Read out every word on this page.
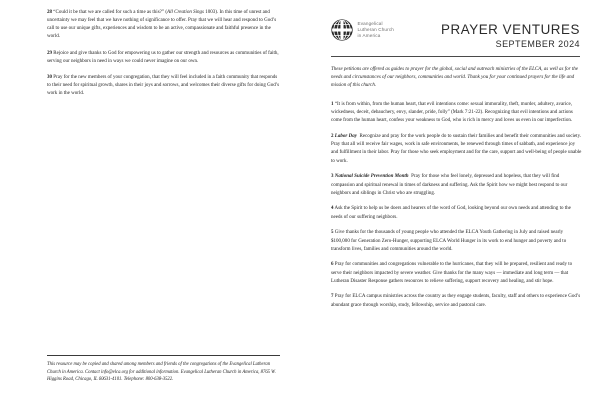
28 “Could it be that we are called for such a time as this?” (All Creation Sings 1003). In this time of unrest and uncertainty we may feel that we have nothing of significance to offer. Pray that we will hear and respond to God’s call to use our unique gifts, experiences and wisdom to be an active, compassionate and faithful presence in the world.
29 Rejoice and give thanks to God for empowering us to gather our strength and resources as communities of faith, serving our neighbors in need in ways we could never imagine on our own.
30 Pray for the new members of your congregation, that they will feel included in a faith community that responds to their need for spiritual growth, shares in their joys and sorrows, and welcomes their diverse gifts for doing God’s work in the world.
This resource may be copied and shared among members and friends of the congregations of the Evangelical Lutheran Church in America. Contact info@elca.org for additional information. Evangelical Lutheran Church in America, 8765 W. Higgins Road, Chicago, IL 60631-4101. Telephone: 800-638-3522.
Evangelical
Lutheran Church
in America	PRAYER VENTURES
SEPTEMBER 2024
These petitions are offered as guides to prayer for the global, social and outreach ministries of the ELCA, as well as for the needs and circumstances of our neighbors, communities and world. Thank you for your continued prayers for the life and mission of this church.
1 “It is from within, from the human heart, that evil intentions come: sexual immorality, theft, murder, adultery, avarice, wickedness, deceit, debauchery, envy, slander, pride, folly” (Mark 7:21-22). Recognizing that evil intentions and actions come from the human heart, confess your weakness to God, who is rich in mercy and loves us even in our imperfection.
2 Labor Day Recognize and pray for the work people do to sustain their families and benefit their communities and society. Pray that all will receive fair wages, work in safe environments, be renewed through times of sabbath, and experience joy and fulfillment in their labor. Pray for those who seek employment and for the care, support and well-being of people unable to work.
3 National Suicide Prevention Month Pray for those who feel lonely, depressed and hopeless, that they will find compassion and spiritual renewal in times of darkness and suffering. Ask the Spirit how we might best respond to our neighbors and siblings in Christ who are struggling.
4 Ask the Spirit to help us be doers and hearers of the word of God, looking beyond our own needs and attending to the needs of our suffering neighbors.
5 Give thanks for the thousands of young people who attended the ELCA Youth Gathering in July and raised nearly $100,000 for Generation Zero-Hunger, supporting ELCA World Hunger in its work to end hunger and poverty and to transform lives, families and communities around the world.
6 Pray for communities and congregations vulnerable to the hurricanes, that they will be prepared, resilient and ready to serve their neighbors impacted by severe weather. Give thanks for the many ways — immediate and long term — that Lutheran Disaster Response gathers resources to relieve suffering, support recovery and healing, and stir hope.
7 Pray for ELCA campus ministries across the country as they engage students, faculty, staff and others to experience God’s abundant grace through worship, study, fellowship, service and pastoral care.
